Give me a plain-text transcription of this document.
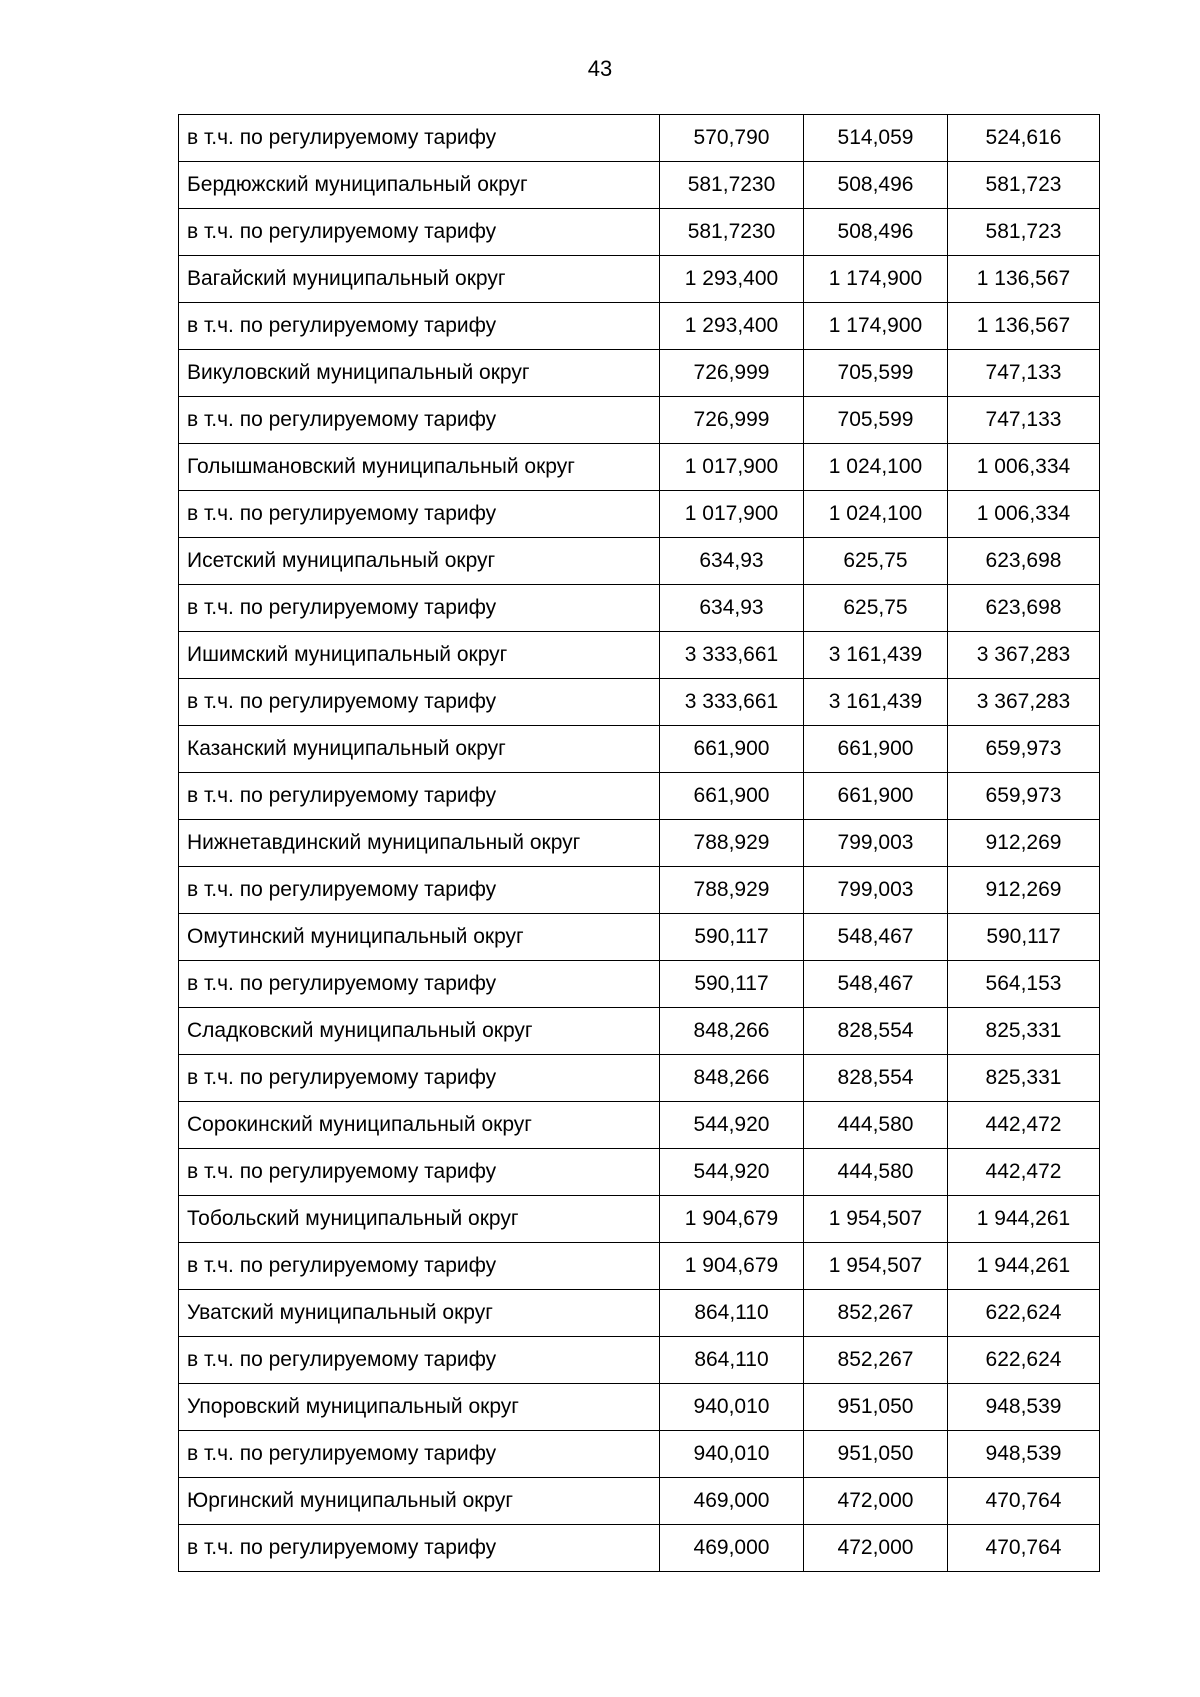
43
в т.ч. по регулируемому тарифу	570,790	514,059	524,616
Бердюжский муниципальный округ	581,7230	508,496	581,723
в т.ч. по регулируемому тарифу	581,7230	508,496	581,723
Вагайский муниципальный округ	1 293,400	1 174,900	1 136,567
в т.ч. по регулируемому тарифу	1 293,400	1 174,900	1 136,567
Викуловский муниципальный округ	726,999	705,599	747,133
в т.ч. по регулируемому тарифу	726,999	705,599	747,133
Голышмановский муниципальный округ	1 017,900	1 024,100	1 006,334
в т.ч. по регулируемому тарифу	1 017,900	1 024,100	1 006,334
Исетский муниципальный округ	634,93	625,75	623,698
в т.ч. по регулируемому тарифу	634,93	625,75	623,698
Ишимский муниципальный округ	3 333,661	3 161,439	3 367,283
в т.ч. по регулируемому тарифу	3 333,661	3 161,439	3 367,283
Казанский муниципальный округ	661,900	661,900	659,973
в т.ч. по регулируемому тарифу	661,900	661,900	659,973
Нижнетавдинский муниципальный округ	788,929	799,003	912,269
в т.ч. по регулируемому тарифу	788,929	799,003	912,269
Омутинский муниципальный округ	590,117	548,467	590,117
в т.ч. по регулируемому тарифу	590,117	548,467	564,153
Сладковский муниципальный округ	848,266	828,554	825,331
в т.ч. по регулируемому тарифу	848,266	828,554	825,331
Сорокинский муниципальный округ	544,920	444,580	442,472
в т.ч. по регулируемому тарифу	544,920	444,580	442,472
Тобольский муниципальный округ	1 904,679	1 954,507	1 944,261
в т.ч. по регулируемому тарифу	1 904,679	1 954,507	1 944,261
Уватский муниципальный округ	864,110	852,267	622,624
в т.ч. по регулируемому тарифу	864,110	852,267	622,624
Упоровский муниципальный округ	940,010	951,050	948,539
в т.ч. по регулируемому тарифу	940,010	951,050	948,539
Юргинский муниципальный округ	469,000	472,000	470,764
в т.ч. по регулируемому тарифу	469,000	472,000	470,764
